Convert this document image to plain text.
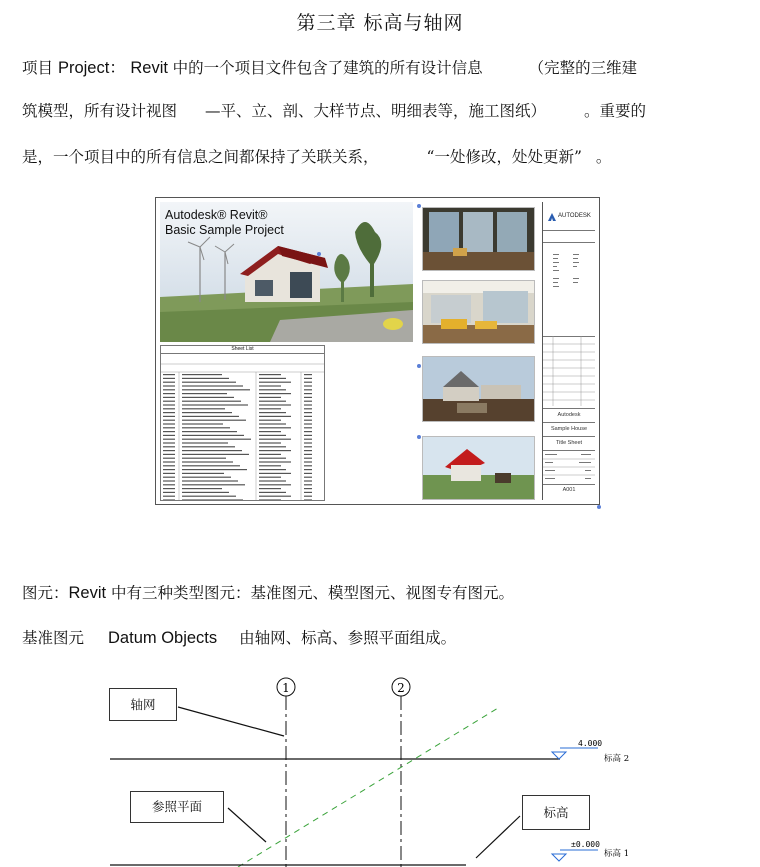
第三章 标高与轴网
项目 Project： Revit 中的一个项目文件包含了建筑的所有设计信息	（完整的三维建
筑模型，所有设计视图 —平、立、剖、大样节点、明细表等，施工图纸） 。重要的
是，一个项目中的所有信息之间都保持了关联关系，	“一处修改，处处更新” 。
Autodesk® Revit®
Basic Sample Project
Sheet List
AUTODESK
Autodesk
Sample House
Title Sheet
A001
图元：Revit 中有三种类型图元：基准图元、模型图元、视图专有图元。
基准图元 Datum Objects 由轴网、标高、参照平面组成。
1	2
4.000
标高 2
±0.000
标高 1
轴网
参照平面	标高
